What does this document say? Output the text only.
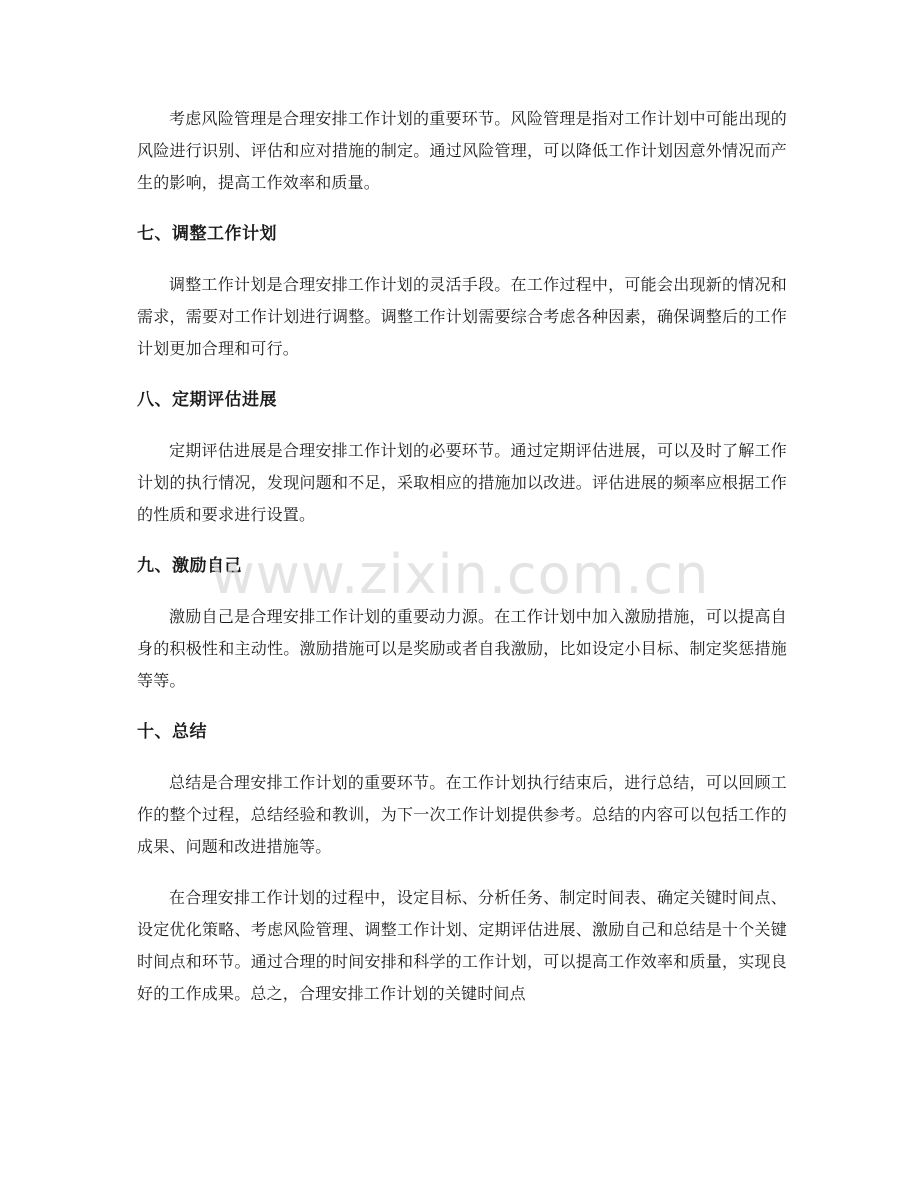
考虑风险管理是合理安排工作计划的重要环节。风险管理是指对工作计划中可能出现的风险进行识别、评估和应对措施的制定。通过风险管理，可以降低工作计划因意外情况而产生的影响，提高工作效率和质量。

七、调整工作计划

调整工作计划是合理安排工作计划的灵活手段。在工作过程中，可能会出现新的情况和需求，需要对工作计划进行调整。调整工作计划需要综合考虑各种因素，确保调整后的工作计划更加合理和可行。

八、定期评估进展

定期评估进展是合理安排工作计划的必要环节。通过定期评估进展，可以及时了解工作计划的执行情况，发现问题和不足，采取相应的措施加以改进。评估进展的频率应根据工作的性质和要求进行设置。

九、激励自己

激励自己是合理安排工作计划的重要动力源。在工作计划中加入激励措施，可以提高自身的积极性和主动性。激励措施可以是奖励或者自我激励，比如设定小目标、制定奖惩措施等等。

十、总结

总结是合理安排工作计划的重要环节。在工作计划执行结束后，进行总结，可以回顾工作的整个过程，总结经验和教训，为下一次工作计划提供参考。总结的内容可以包括工作的成果、问题和改进措施等。

在合理安排工作计划的过程中，设定目标、分析任务、制定时间表、确定关键时间点、设定优化策略、考虑风险管理、调整工作计划、定期评估进展、激励自己和总结是十个关键时间点和环节。通过合理的时间安排和科学的工作计划，可以提高工作效率和质量，实现良好的工作成果。总之，合理安排工作计划的关键时间点

www.zixin.com.cn
